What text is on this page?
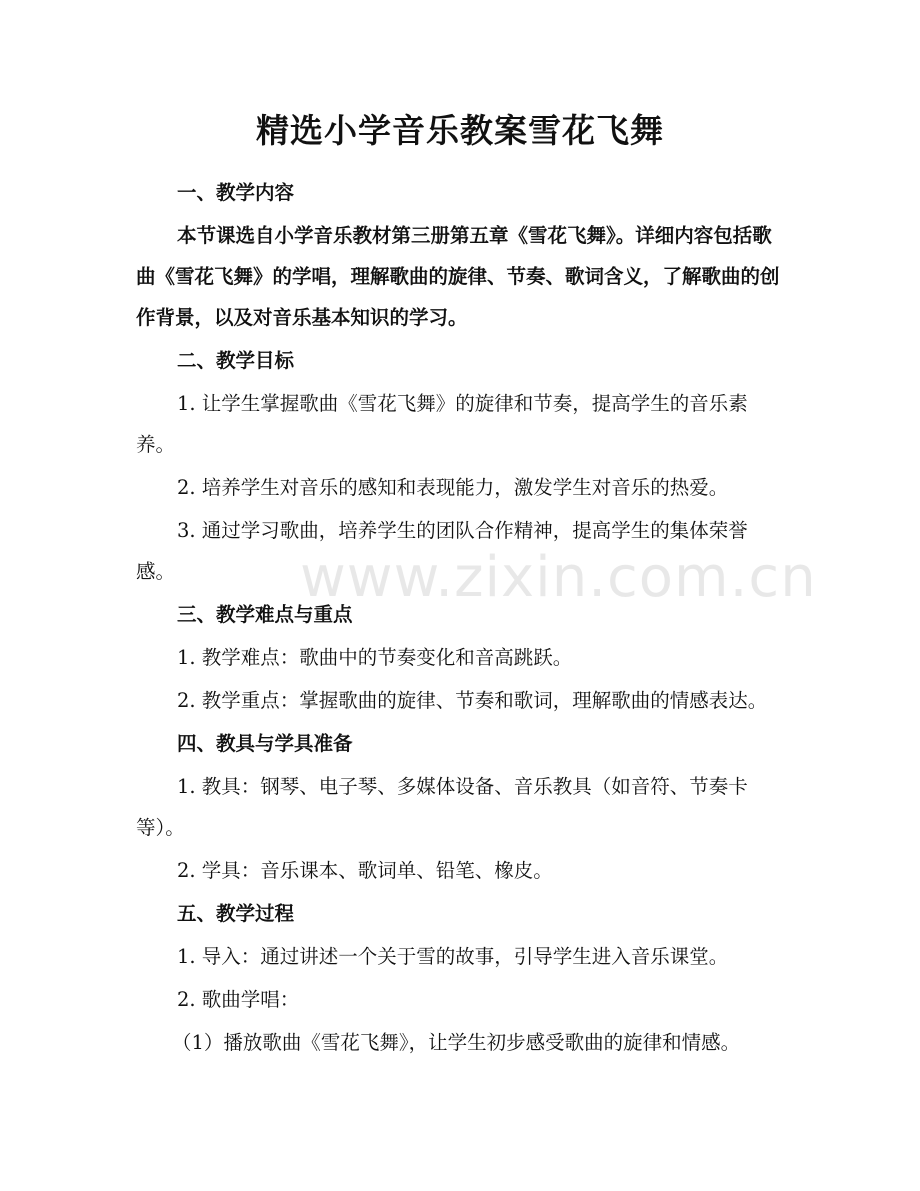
精选小学音乐教案雪花飞舞

一、教学内容

本节课选自小学音乐教材第三册第五章《雪花飞舞》。详细内容包括歌曲《雪花飞舞》的学唱，理解歌曲的旋律、节奏、歌词含义，了解歌曲的创作背景，以及对音乐基本知识的学习。

二、教学目标

1. 让学生掌握歌曲《雪花飞舞》的旋律和节奏，提高学生的音乐素养。

2. 培养学生对音乐的感知和表现能力，激发学生对音乐的热爱。

3. 通过学习歌曲，培养学生的团队合作精神，提高学生的集体荣誉感。

三、教学难点与重点

1. 教学难点：歌曲中的节奏变化和音高跳跃。

2. 教学重点：掌握歌曲的旋律、节奏和歌词，理解歌曲的情感表达。

四、教具与学具准备

1. 教具：钢琴、电子琴、多媒体设备、音乐教具（如音符、节奏卡等）。

2. 学具：音乐课本、歌词单、铅笔、橡皮。

五、教学过程

1. 导入：通过讲述一个关于雪的故事，引导学生进入音乐课堂。

2. 歌曲学唱：

（1）播放歌曲《雪花飞舞》，让学生初步感受歌曲的旋律和情感。

www.zixin.com.cn
